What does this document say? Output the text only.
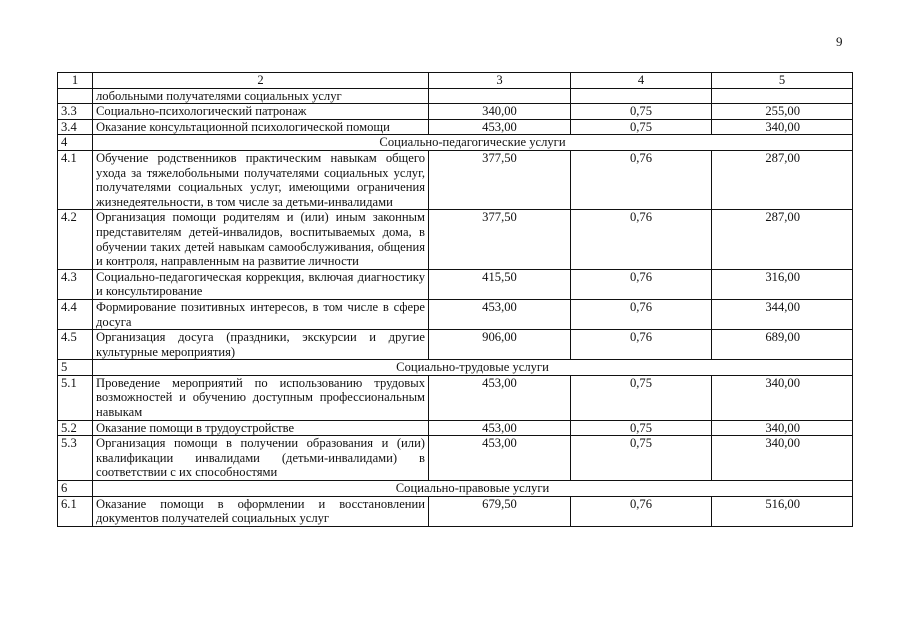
9
1	2	3	4	5
	лобольными получателями социальных услуг			
3.3	Социально-психологический патронаж	340,00	0,75	255,00
3.4	Оказание консультационной психологической помощи	453,00	0,75	340,00
4	Социально-педагогические услуги			
4.1	Обучение родственников практическим навыкам общего ухода за тяжелобольными получателями социальных услуг, получателями социальных услуг, имеющими ограничения жизнедеятельности, в том числе за детьми-инвалидами	377,50	0,76	287,00
4.2	Организация помощи родителям и (или) иным законным представителям детей-инвалидов, воспитываемых дома, в обучении таких детей навыкам самообслуживания, общения и контроля, направленным на развитие личности	377,50	0,76	287,00
4.3	Социально-педагогическая коррекция, включая диагностику и консультирование	415,50	0,76	316,00
4.4	Формирование позитивных интересов, в том числе в сфере досуга	453,00	0,76	344,00
4.5	Организация досуга (праздники, экскурсии и другие культурные мероприятия)	906,00	0,76	689,00
5	Социально-трудовые услуги			
5.1	Проведение мероприятий по использованию трудовых возможностей и обучению доступным профессиональным навыкам	453,00	0,75	340,00
5.2	Оказание помощи в трудоустройстве	453,00	0,75	340,00
5.3	Организация помощи в получении образования и (или) квалификации инвалидами (детьми-инвалидами) в соответствии с их способностями	453,00	0,75	340,00
6	Социально-правовые услуги			
6.1	Оказание помощи в оформлении и восстановлении документов получателей социальных услуг	679,50	0,76	516,00
